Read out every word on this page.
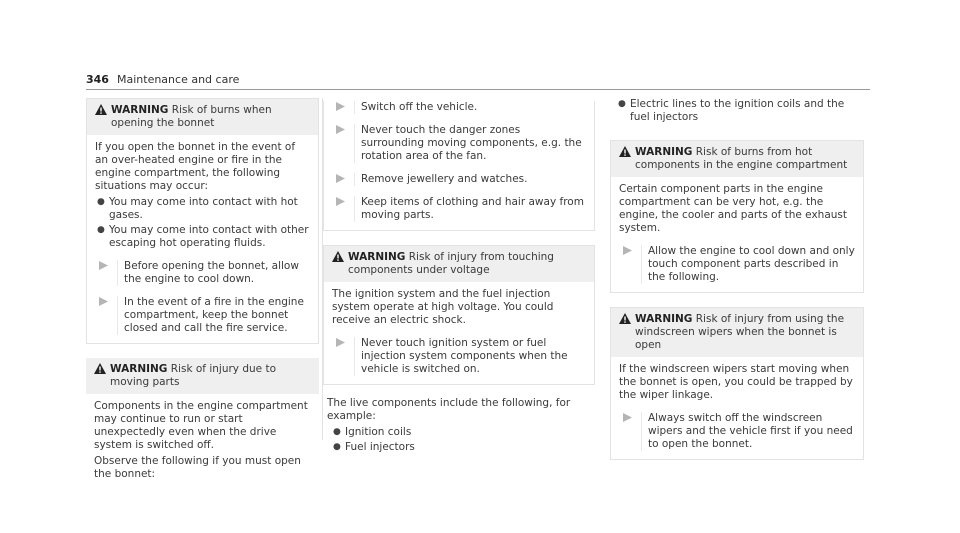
346 Maintenance and care
WARNING Risk of burns when opening the bonnet
If you open the bonnet in the event of an over-heated engine or fire in the engine compartment, the following situations may occur:
● You may come into contact with hot gases.
● You may come into contact with other escaping hot operating fluids.
Before opening the bonnet, allow the engine to cool down.
In the event of a fire in the engine compartment, keep the bonnet closed and call the fire service.
WARNING Risk of injury due to moving parts
Components in the engine compartment may continue to run or start unexpectedly even when the drive system is switched off.
Observe the following if you must open the bonnet:
Switch off the vehicle.
Never touch the danger zones surrounding moving components, e.g. the rotation area of the fan.
Remove jewellery and watches.
Keep items of clothing and hair away from moving parts.
WARNING Risk of injury from touching components under voltage
The ignition system and the fuel injection system operate at high voltage. You could receive an electric shock.
Never touch ignition system or fuel injection system components when the vehicle is switched on.
The live components include the following, for example:
● Ignition coils
● Fuel injectors
● Electric lines to the ignition coils and the fuel injectors
WARNING Risk of burns from hot components in the engine compartment
Certain component parts in the engine compartment can be very hot, e.g. the engine, the cooler and parts of the exhaust system.
Allow the engine to cool down and only touch component parts described in the following.
WARNING Risk of injury from using the windscreen wipers when the bonnet is open
If the windscreen wipers start moving when the bonnet is open, you could be trapped by the wiper linkage.
Always switch off the windscreen wipers and the vehicle first if you need to open the bonnet.
